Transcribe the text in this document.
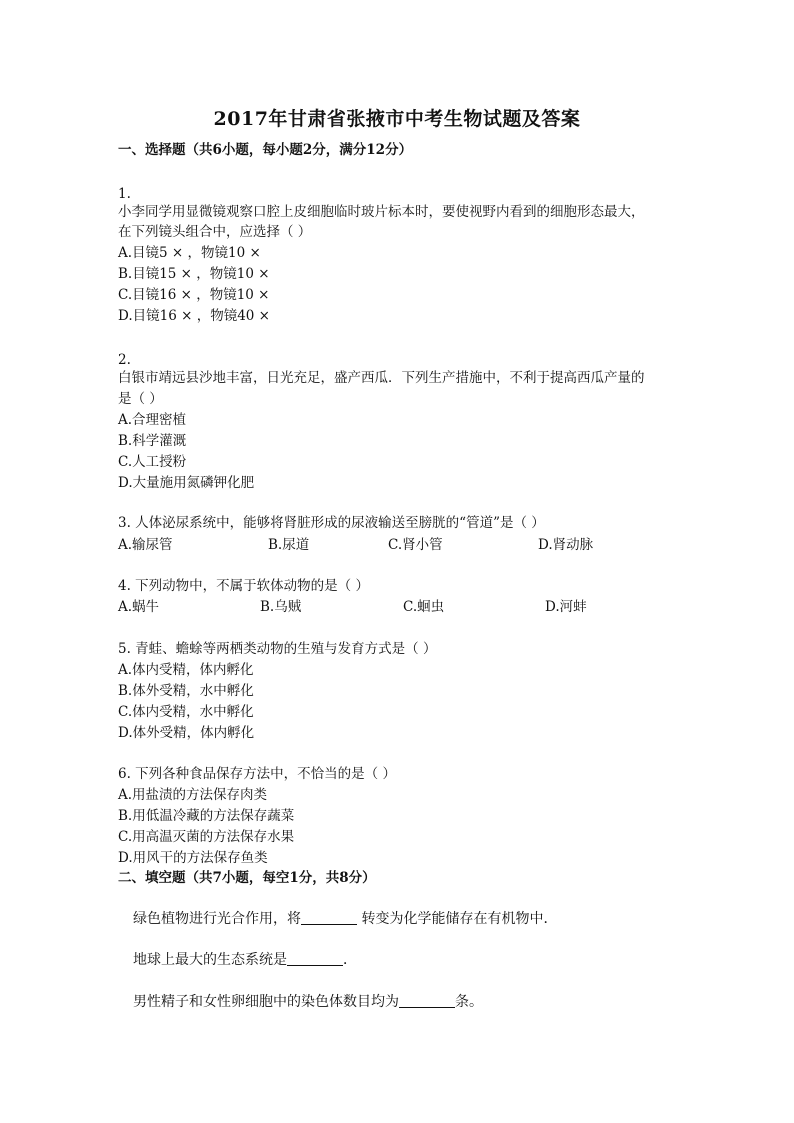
2017年甘肃省张掖市中考生物试题及答案
一、选择题（共6小题，每小题2分，满分12分）
1.
小李同学用显微镜观察口腔上皮细胞临时玻片标本时，要使视野内看到的细胞形态最大，
在下列镜头组合中，应选择（ ）
A.目镜5 × ，物镜10 ×
B.目镜15 × ，物镜10 ×
C.目镜16 × ，物镜10 ×
D.目镜16 × ，物镜40 ×
2.
白银市靖远县沙地丰富，日光充足，盛产西瓜．下列生产措施中，不利于提高西瓜产量的
是（ ）
A.合理密植
B.科学灌溉
C.人工授粉
D.大量施用氮磷钾化肥
3. 人体泌尿系统中，能够将肾脏形成的尿液输送至膀胱的“管道”是（ ）
A.输尿管	B.尿道	C.肾小管	D.肾动脉
4. 下列动物中，不属于软体动物的是（ ）
A.蜗牛	B.乌贼	C.蛔虫	D.河蚌
5. 青蛙、蟾蜍等两栖类动物的生殖与发育方式是（ ）
A.体内受精，体内孵化
B.体外受精，水中孵化
C.体内受精，水中孵化
D.体外受精，体内孵化
6. 下列各种食品保存方法中，不恰当的是（ ）
A.用盐渍的方法保存肉类
B.用低温冷藏的方法保存蔬菜
C.用高温灭菌的方法保存水果
D.用风干的方法保存鱼类
二、填空题（共7小题，每空1分，共8分）
绿色植物进行光合作用，将	转变为化学能储存在有机物中．
地球上最大的生态系统是	．
男性精子和女性卵细胞中的染色体数目均为	条。
